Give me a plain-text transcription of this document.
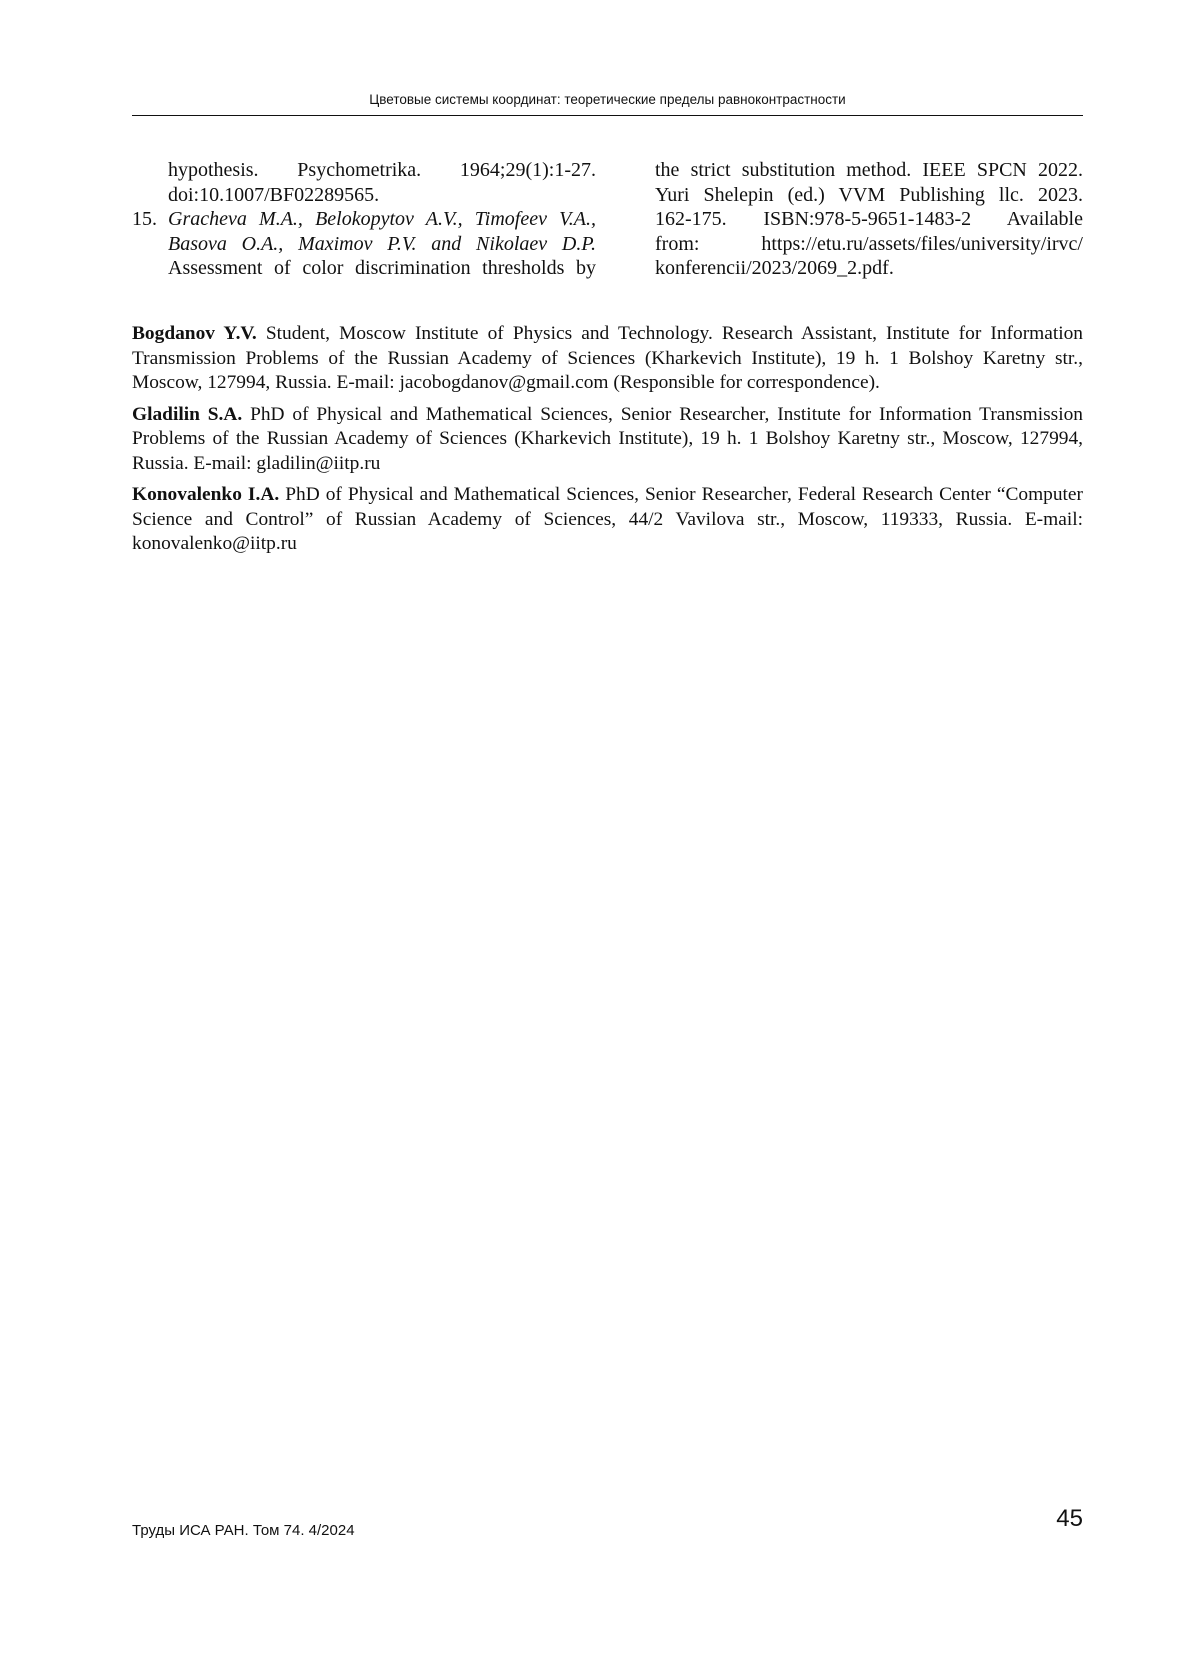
Цветовые системы координат: теоретические пределы равноконтрастности
hypothesis. Psychometrika. 1964;29(1):1-27.
doi:10.1007/BF02289565.
15. Gracheva M.A., Belokopytov A.V., Timofeev V.A.,
Basova O.A., Maximov P.V. and Nikolaev D.P.
Assessment of color discrimination thresholds by
the strict substitution method. IEEE SPCN 2022.
Yuri Shelepin (ed.) VVM Publishing llc. 2023.
162-175. ISBN:978-5-9651-1483-2 Available
from: https://etu.ru/assets/files/university/irvc/
konferencii/2023/2069_2.pdf.

Bogdanov Y.V. Student, Moscow Institute of Physics and Technology. Research Assistant, Institute for Information Transmission Problems of the Russian Academy of Sciences (Kharkevich Institute), 19 h. 1 Bolshoy Karetny str., Moscow, 127994, Russia. E-mail: jacobogdanov@gmail.com (Responsible for correspondence).

Gladilin S.A. PhD of Physical and Mathematical Sciences, Senior Researcher, Institute for Information Transmission Problems of the Russian Academy of Sciences (Kharkevich Institute), 19 h. 1 Bolshoy Karetny str., Moscow, 127994, Russia. E-mail: gladilin@iitp.ru

Konovalenko I.A. PhD of Physical and Mathematical Sciences, Senior Researcher, Federal Research Center “Computer Science and Control” of Russian Academy of Sciences, 44/2 Vavilova str., Moscow, 119333, Russia. E-mail: konovalenko@iitp.ru

Труды ИСА РАН. Том 74. 4/2024	45
